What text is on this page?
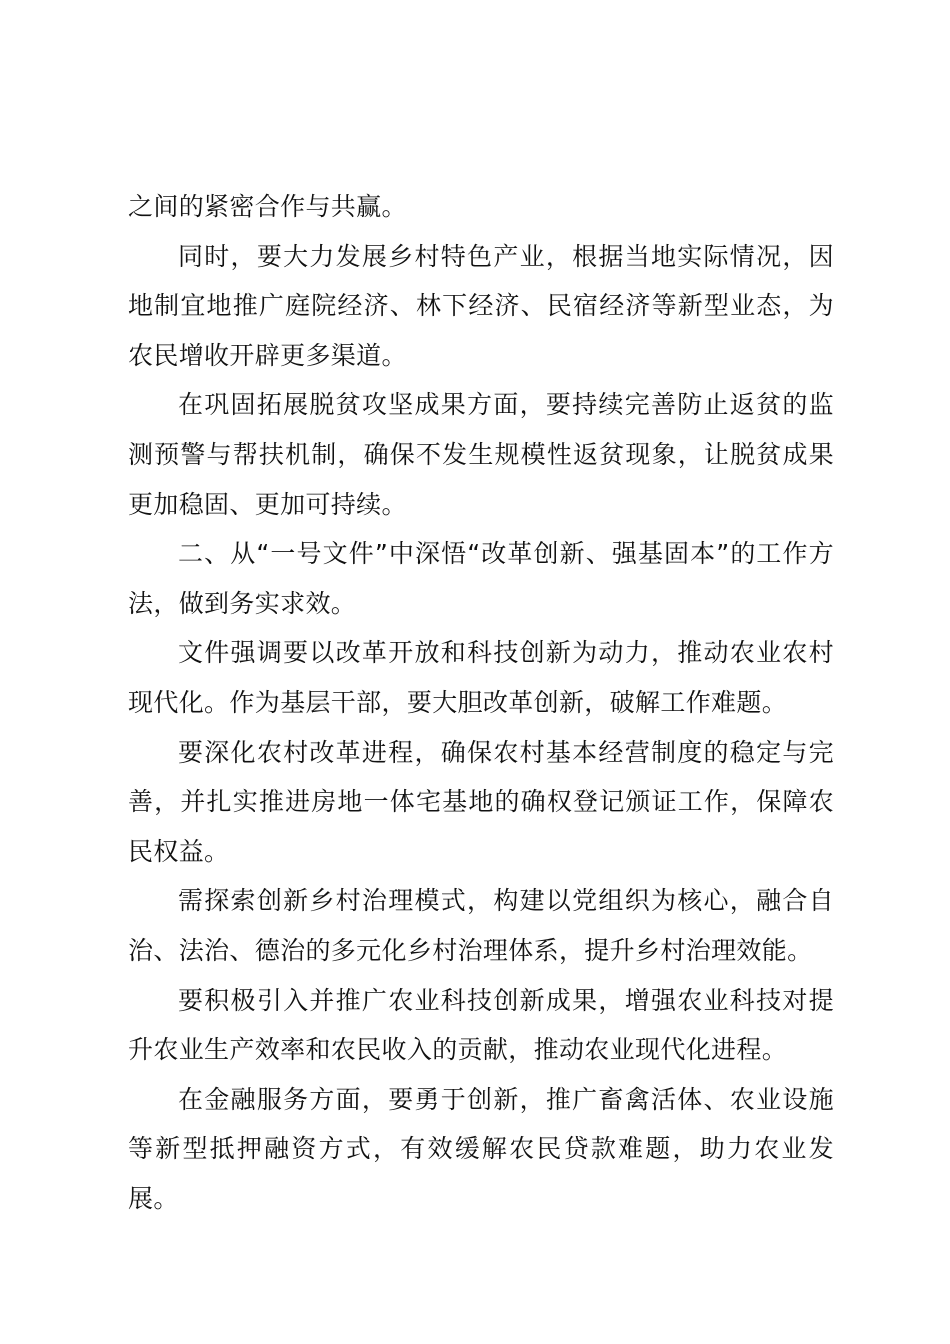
之间的紧密合作与共赢。

同时，要大力发展乡村特色产业，根据当地实际情况，因地制宜地推广庭院经济、林下经济、民宿经济等新型业态，为农民增收开辟更多渠道。

在巩固拓展脱贫攻坚成果方面，要持续完善防止返贫的监测预警与帮扶机制，确保不发生规模性返贫现象，让脱贫成果更加稳固、更加可持续。

二、从“一号文件”中深悟“改革创新、强基固本”的工作方法，做到务实求效。

文件强调要以改革开放和科技创新为动力，推动农业农村现代化。作为基层干部，要大胆改革创新，破解工作难题。

要深化农村改革进程，确保农村基本经营制度的稳定与完善，并扎实推进房地一体宅基地的确权登记颁证工作，保障农民权益。

需探索创新乡村治理模式，构建以党组织为核心，融合自治、法治、德治的多元化乡村治理体系，提升乡村治理效能。

要积极引入并推广农业科技创新成果，增强农业科技对提升农业生产效率和农民收入的贡献，推动农业现代化进程。

在金融服务方面，要勇于创新，推广畜禽活体、农业设施等新型抵押融资方式，有效缓解农民贷款难题，助力农业发展。
